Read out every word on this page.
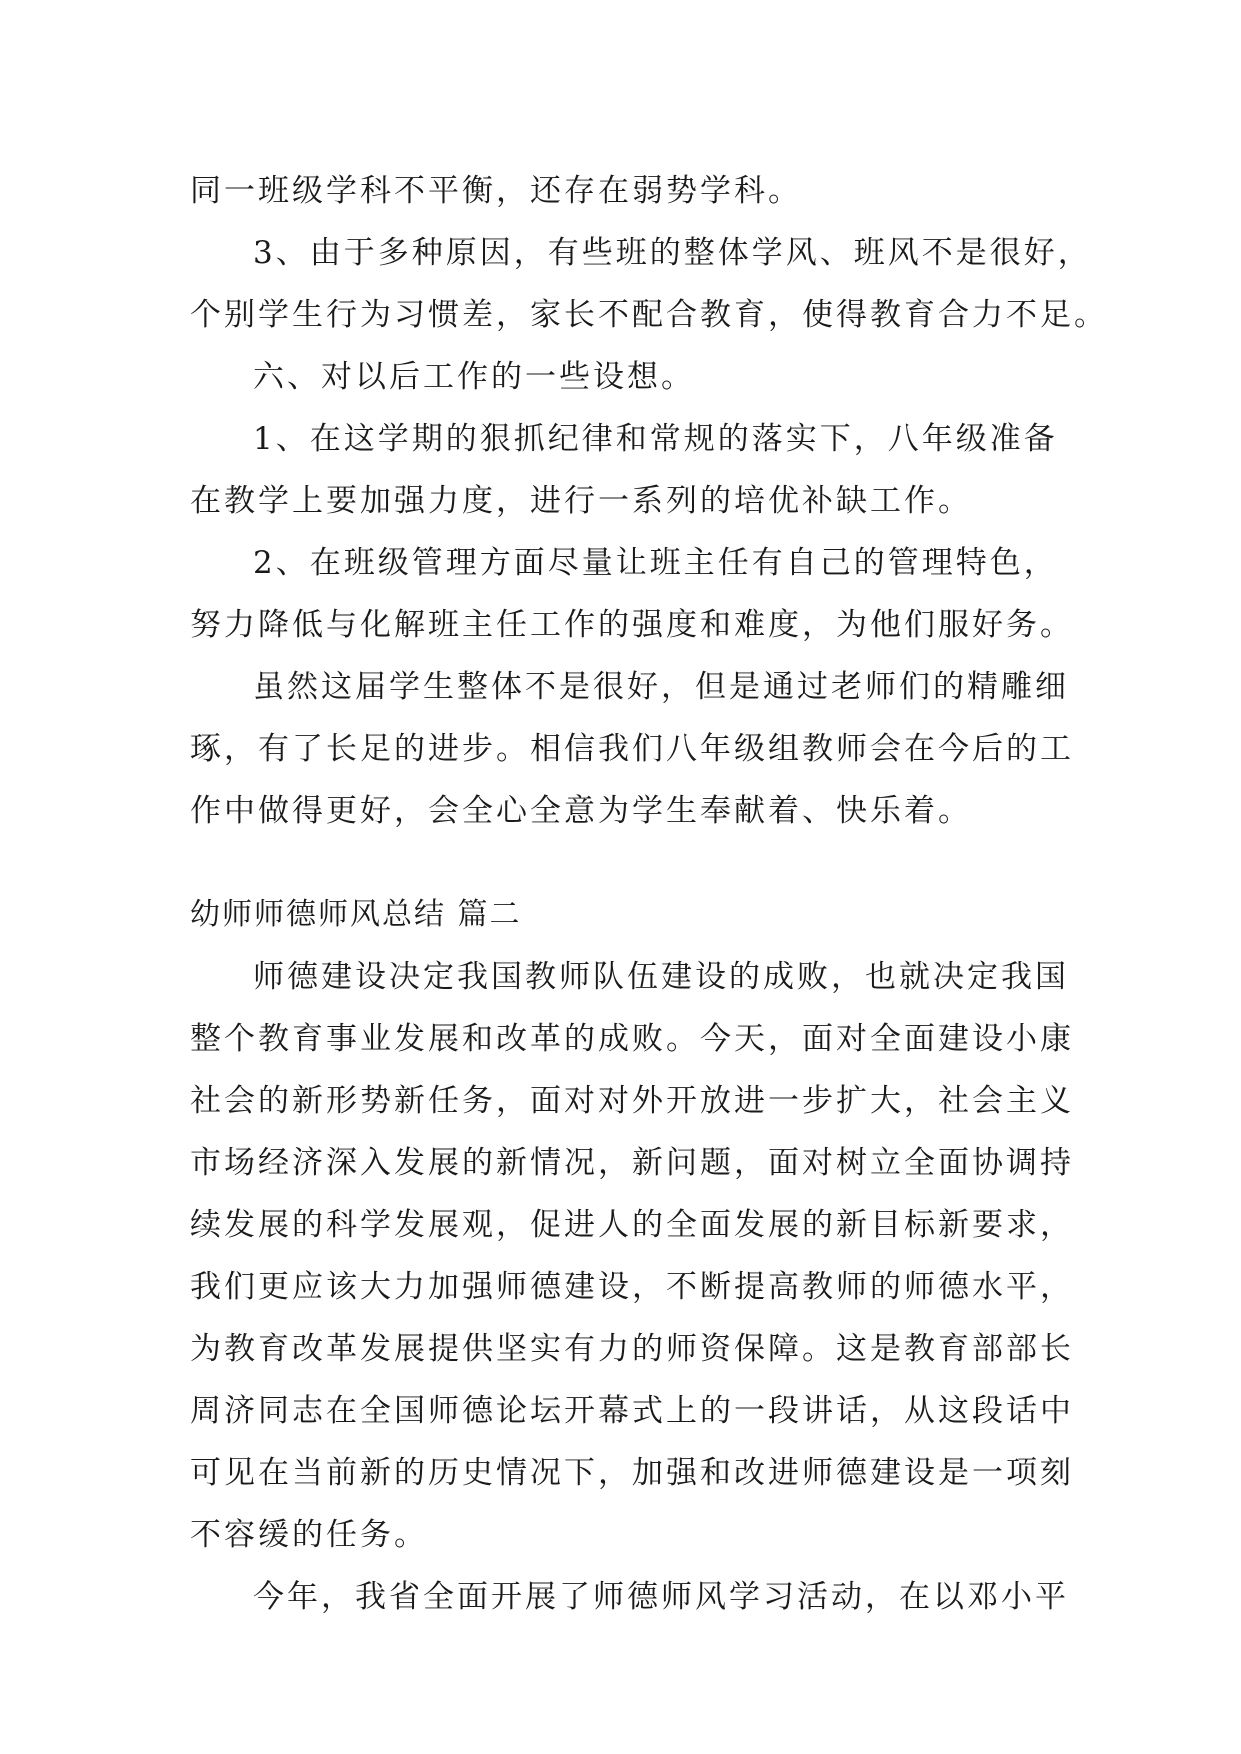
同一班级学科不平衡，还存在弱势学科。
3、由于多种原因，有些班的整体学风、班风不是很好，
个别学生行为习惯差，家长不配合教育，使得教育合力不足。
六、对以后工作的一些设想。
1、在这学期的狠抓纪律和常规的落实下，八年级准备
在教学上要加强力度，进行一系列的培优补缺工作。
2、在班级管理方面尽量让班主任有自己的管理特色，
努力降低与化解班主任工作的强度和难度，为他们服好务。
虽然这届学生整体不是很好，但是通过老师们的精雕细
琢，有了长足的进步。相信我们八年级组教师会在今后的工
作中做得更好，会全心全意为学生奉献着、快乐着。
幼师师德师风总结 篇二
师德建设决定我国教师队伍建设的成败，也就决定我国
整个教育事业发展和改革的成败。今天，面对全面建设小康
社会的新形势新任务，面对对外开放进一步扩大，社会主义
市场经济深入发展的新情况，新问题，面对树立全面协调持
续发展的科学发展观，促进人的全面发展的新目标新要求，
我们更应该大力加强师德建设，不断提高教师的师德水平，
为教育改革发展提供坚实有力的师资保障。这是教育部部长
周济同志在全国师德论坛开幕式上的一段讲话，从这段话中
可见在当前新的历史情况下，加强和改进师德建设是一项刻
不容缓的任务。
今年，我省全面开展了师德师风学习活动，在以邓小平
